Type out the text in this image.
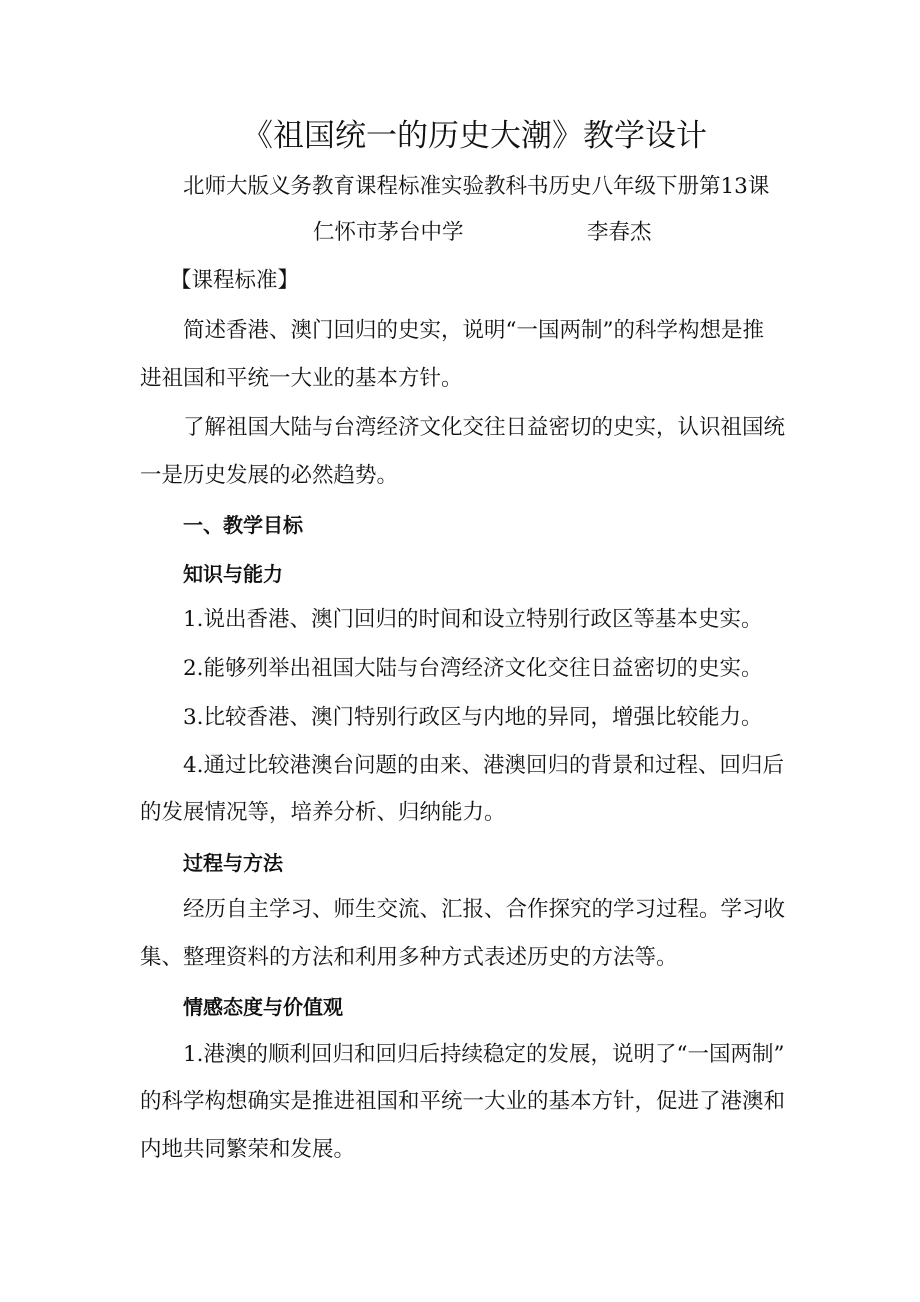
《祖国统一的历史大潮》教学设计

北师大版义务教育课程标准实验教科书历史八年级下册第13课

仁怀市茅台中学	李春杰

【课程标准】

简述香港、澳门回归的史实，说明“一国两制”的科学构想是推

进祖国和平统一大业的基本方针。

了解祖国大陆与台湾经济文化交往日益密切的史实，认识祖国统

一是历史发展的必然趋势。

一、教学目标

知识与能力

1.说出香港、澳门回归的时间和设立特别行政区等基本史实。

2.能够列举出祖国大陆与台湾经济文化交往日益密切的史实。

3.比较香港、澳门特别行政区与内地的异同，增强比较能力。

4.通过比较港澳台问题的由来、港澳回归的背景和过程、回归后

的发展情况等，培养分析、归纳能力。

过程与方法

经历自主学习、师生交流、汇报、合作探究的学习过程。学习收

集、整理资料的方法和利用多种方式表述历史的方法等。

情感态度与价值观

1.港澳的顺利回归和回归后持续稳定的发展，说明了“一国两制”

的科学构想确实是推进祖国和平统一大业的基本方针，促进了港澳和

内地共同繁荣和发展。
